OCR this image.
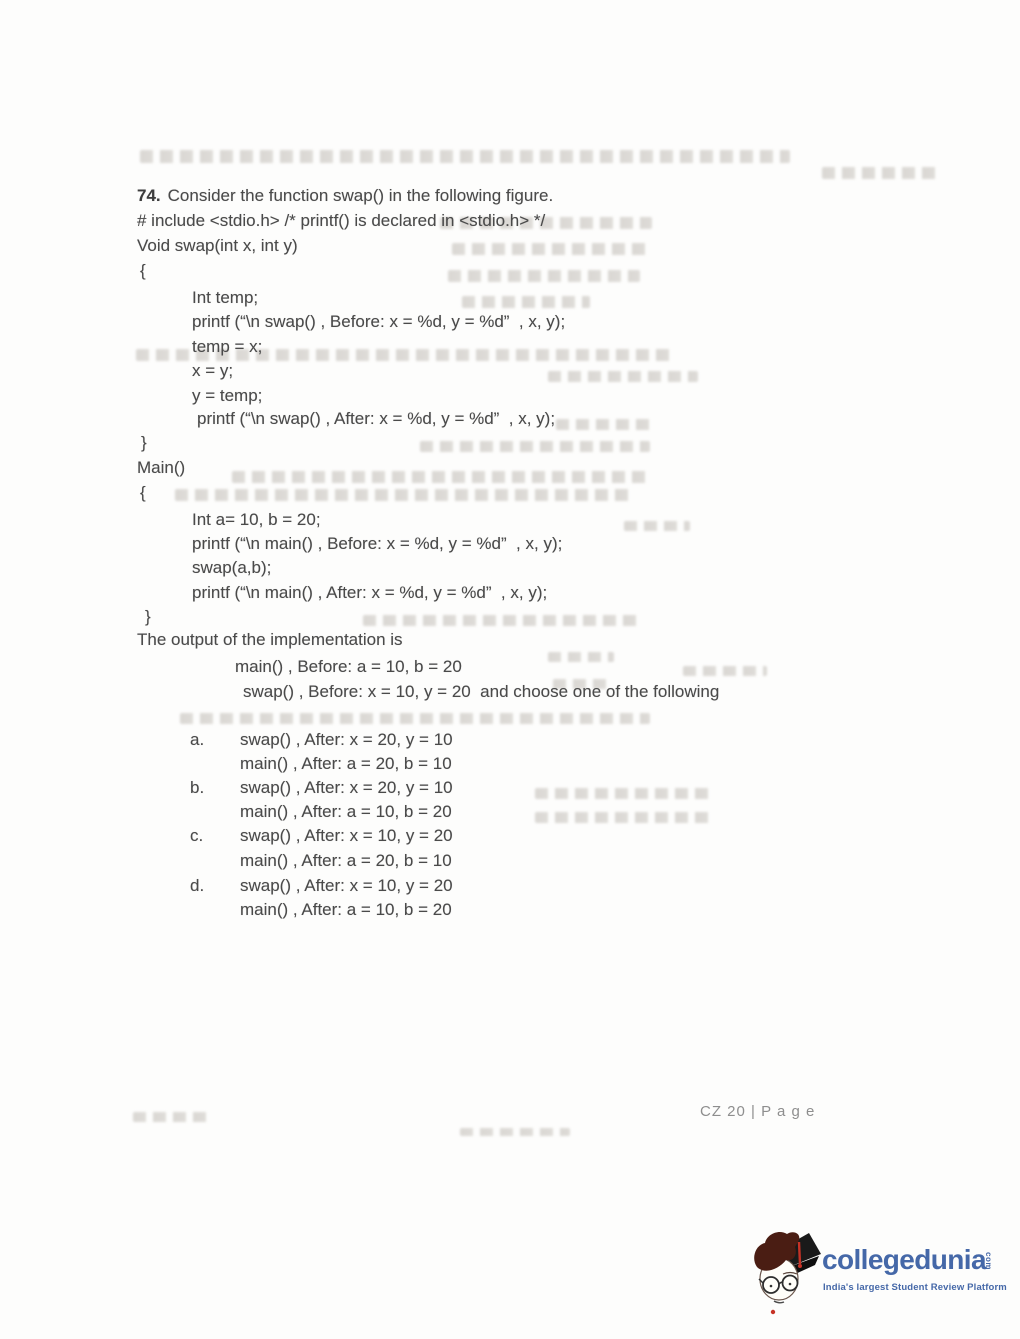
74. Consider the function swap() in the following figure.
# include <stdio.h> /* printf() is declared in <stdio.h> */
Void swap(int x, int y)
{
Int temp;
printf (“\n swap() , Before: x = %d, y = %d”  , x, y);
temp = x;
x = y;
y = temp;
printf (“\n swap() , After: x = %d, y = %d”  , x, y);
}
Main()
{
Int a= 10, b = 20;
printf (“\n main() , Before: x = %d, y = %d”  , x, y);
swap(a,b);
printf (“\n main() , After: x = %d, y = %d”  , x, y);
}
The output of the implementation is
main() , Before: a = 10, b = 20
swap() , Before: x = 10, y = 20  and choose one of the following
a. swap() , After: x = 20, y = 10
main() , After: a = 20, b = 10
b. swap() , After: x = 20, y = 10
main() , After: a = 10, b = 20
c. swap() , After: x = 10, y = 20
main() , After: a = 20, b = 10
d. swap() , After: x = 10, y = 20
main() , After: a = 10, b = 20
CZ 20 | P a g e
collegedunia
com
India's largest Student Review Platform
